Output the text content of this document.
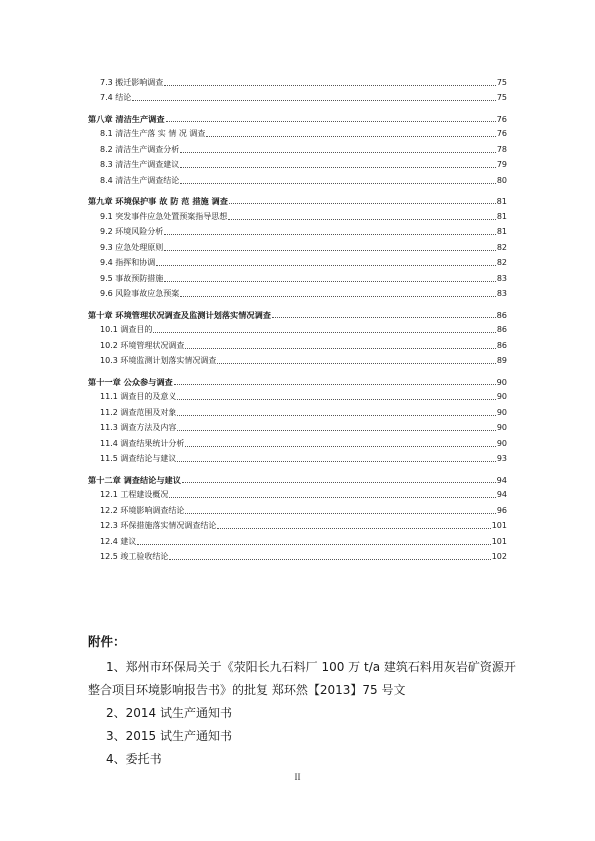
7.3 搬迁影响调查	75
7.4 结论	75
第八章 清洁生产调查	76
8.1 清洁生产落 实 情 况 调查	76
8.2 清洁生产调查分析	78
8.3 清洁生产调查建议	79
8.4 清洁生产调查结论	80
第九章 环境保护事 故 防 范 措施 调查	81
9.1 突发事件应急处置预案指导思想	81
9.2 环境风险分析	81
9.3 应急处理原则	82
9.4 指挥和协调	82
9.5 事故预防措施	83
9.6 风险事故应急预案	83
第十章 环境管理状况调查及监测计划落实情况调查	86
10.1 调查目的	86
10.2 环境管理状况调查	86
10.3 环境监测计划落实情况调查	89
第十一章 公众参与调查	90
11.1 调查目的及意义	90
11.2 调查范围及对象	90
11.3 调查方法及内容	90
11.4 调查结果统计分析	90
11.5 调查结论与建议	93
第十二章 调查结论与建议	94
12.1 工程建设概况	94
12.2 环境影响调查结论	96
12.3 环保措施落实情况调查结论	101
12.4 建议	101
12.5 竣工验收结论	102
附件：
1、郑州市环保局关于《荥阳长九石料厂 100 万 t/a 建筑石料用灰岩矿资源开
整合项目环境影响报告书》的批复 郑环然【2013】75 号文
2、2014 试生产通知书
3、2015 试生产通知书
4、委托书
II
